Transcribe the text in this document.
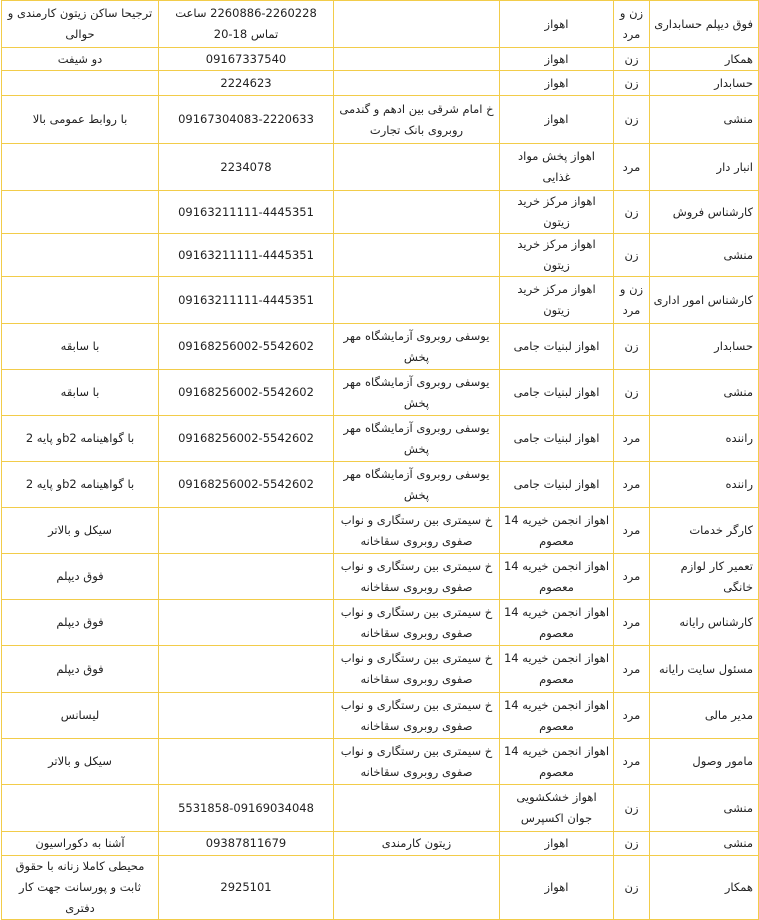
فوق دیپلم حسابداری	زن و مرد	اهواز		2260886-2260228 ساعت تماس 18-20	ترجیحا ساکن زیتون کارمندی و حوالی
همکار	زن	اهواز		09167337540	دو شیفت
حسابدار	زن	اهواز		2224623	
منشی	زن	اهواز	خ امام شرقی بین ادهم و گندمی روبروی بانک تجارت	09167304083-2220633	با روابط عمومی بالا
انبار دار	مرد	اهواز پخش مواد غذایی		2234078	
کارشناس فروش	زن	اهواز مرکز خرید زیتون		09163211111-4445351	
منشی	زن	اهواز مرکز خرید زیتون		09163211111-4445351	
کارشناس امور اداری	زن و مرد	اهواز مرکز خرید زیتون		09163211111-4445351	
حسابدار	زن	اهواز لبنیات جامی	یوسفی روبروی آزمایشگاه مهر پخش	09168256002-5542602	با سابقه
منشی	زن	اهواز لبنیات جامی	یوسفی روبروی آزمایشگاه مهر پخش	09168256002-5542602	با سابقه
راننده	مرد	اهواز لبنیات جامی	یوسفی روبروی آزمایشگاه مهر پخش	09168256002-5542602	با گواهینامه b2و پایه 2
راننده	مرد	اهواز لبنیات جامی	یوسفی روبروی آزمایشگاه مهر پخش	09168256002-5542602	با گواهینامه b2و پایه 2
کارگر خدمات	مرد	اهواز انجمن خیریه 14 معصوم	خ سیمتری بین رستگاری و نواب صفوی روبروی سقاخانه		سیکل و بالاتر
تعمیر کار لوازم خانگی	مرد	اهواز انجمن خیریه 14 معصوم	خ سیمتری بین رستگاری و نواب صفوی روبروی سقاخانه		فوق دیپلم
کارشناس رایانه	مرد	اهواز انجمن خیریه 14 معصوم	خ سیمتری بین رستگاری و نواب صفوی روبروی سقاخانه		فوق دیپلم
مسئول سایت رایانه	مرد	اهواز انجمن خیریه 14 معصوم	خ سیمتری بین رستگاری و نواب صفوی روبروی سقاخانه		فوق دیپلم
مدیر مالی	مرد	اهواز انجمن خیریه 14 معصوم	خ سیمتری بین رستگاری و نواب صفوی روبروی سقاخانه		لیسانس
مامور وصول	مرد	اهواز انجمن خیریه 14 معصوم	خ سیمتری بین رستگاری و نواب صفوی روبروی سقاخانه		سیکل و بالاتر
منشی	زن	اهواز خشکشویی جوان اکسپرس		5531858-09169034048	
منشی	زن	اهواز	زیتون کارمندی	09387811679	آشنا به دکوراسیون
همکار	زن	اهواز		2925101	محیطی کاملا زنانه با حقوق ثابت و پورسانت جهت کار دفتری
